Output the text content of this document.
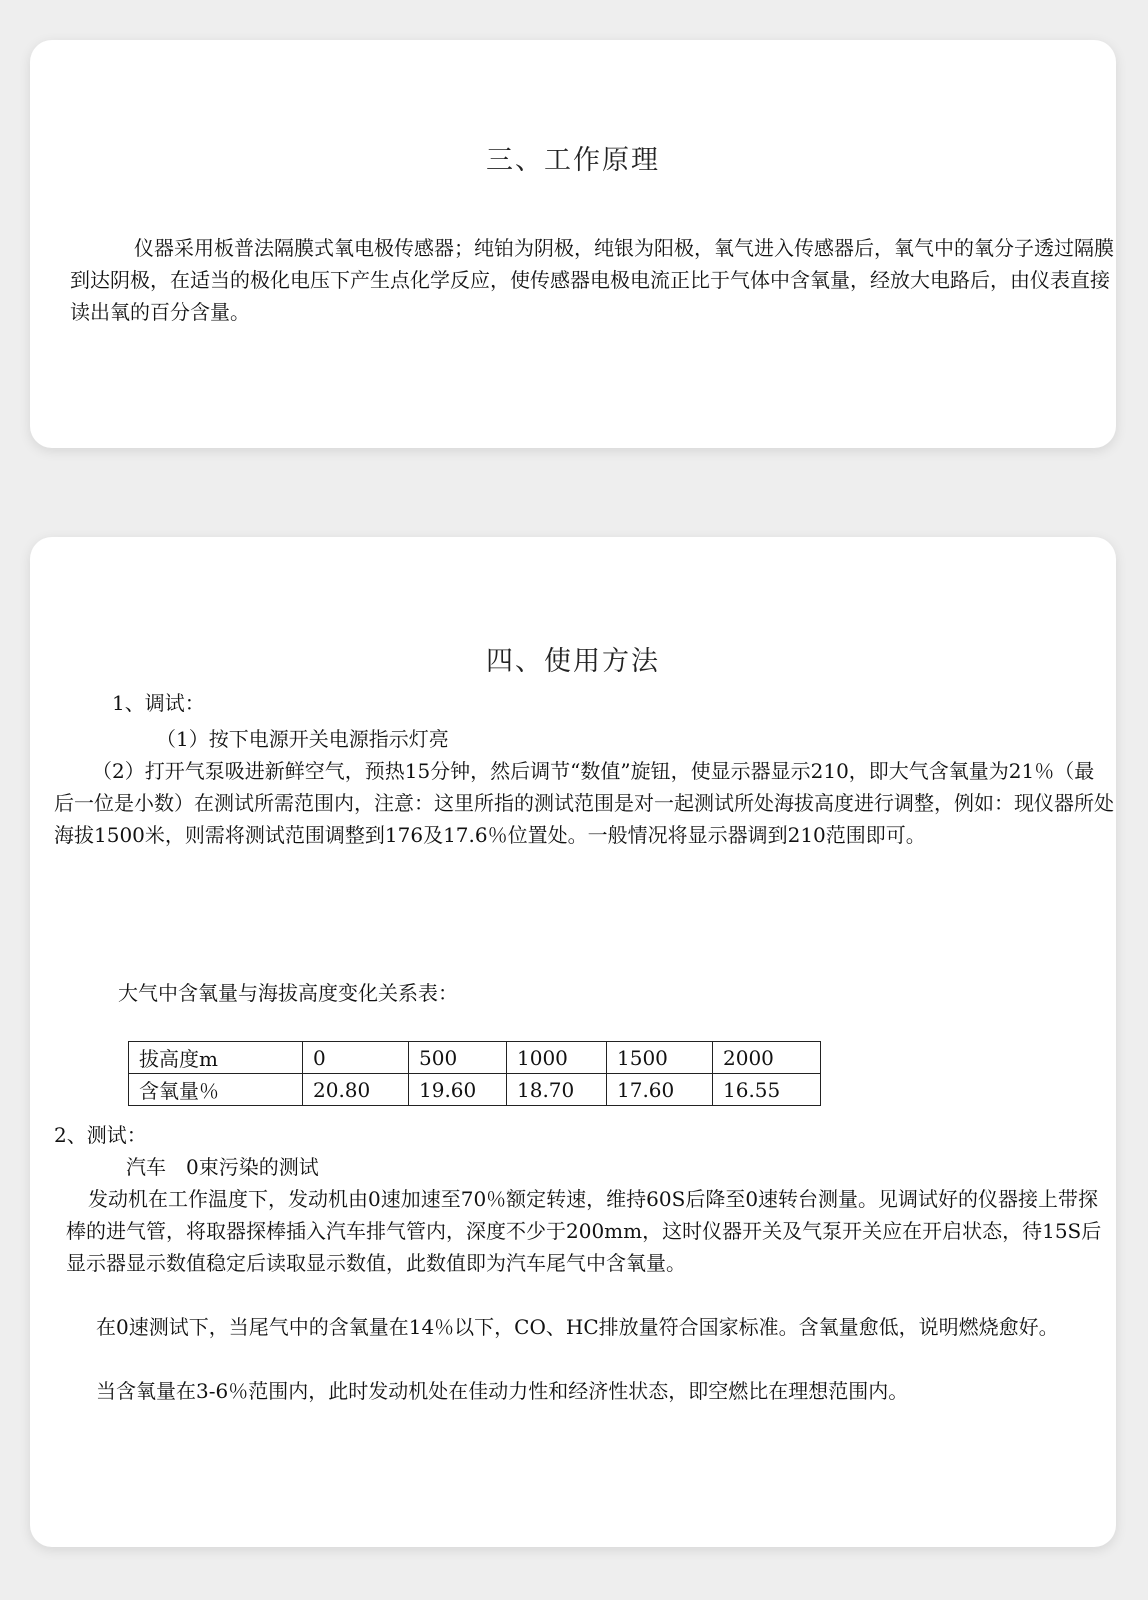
三、工作原理

仪器采用板普法隔膜式氧电极传感器；纯铂为阴极，纯银为阳极，氧气进入传感器后，氧气中的氧分子透过隔膜到达阴极，在适当的极化电压下产生点化学反应，使传感器电极电流正比于气体中含氧量，经放大电路后，由仪表直接读出氧的百分含量。

四、使用方法
1、调试：
（1）按下电源开关电源指示灯亮

（2）打开气泵吸进新鲜空气，预热15分钟，然后调节“数值”旋钮，使显示器显示210，即大气含氧量为21％（最后一位是小数）在测试所需范围内，注意：这里所指的测试范围是对一起测试所处海拔高度进行调整，例如：现仪器所处海拔1500米，则需将测试范围调整到176及17.6％位置处。一般情况将显示器调到210范围即可。

大气中含氧量与海拔高度变化关系表：
拔高度m	0	500	1000	1500	2000
含氧量％	20.80	19.60	18.70	17.60	16.55
2、测试：
汽车　0束污染的测试

发动机在工作温度下，发动机由0速加速至70％额定转速，维持60S后降至0速转台测量。见调试好的仪器接上带探棒的进气管，将取器探棒插入汽车排气管内，深度不少于200mm，这时仪器开关及气泵开关应在开启状态，待15S后显示器显示数值稳定后读取显示数值，此数值即为汽车尾气中含氧量。

在0速测试下，当尾气中的含氧量在14％以下，CO、HC排放量符合国家标准。含氧量愈低，说明燃烧愈好。

当含氧量在3-6％范围内，此时发动机处在佳动力性和经济性状态，即空燃比在理想范围内。
